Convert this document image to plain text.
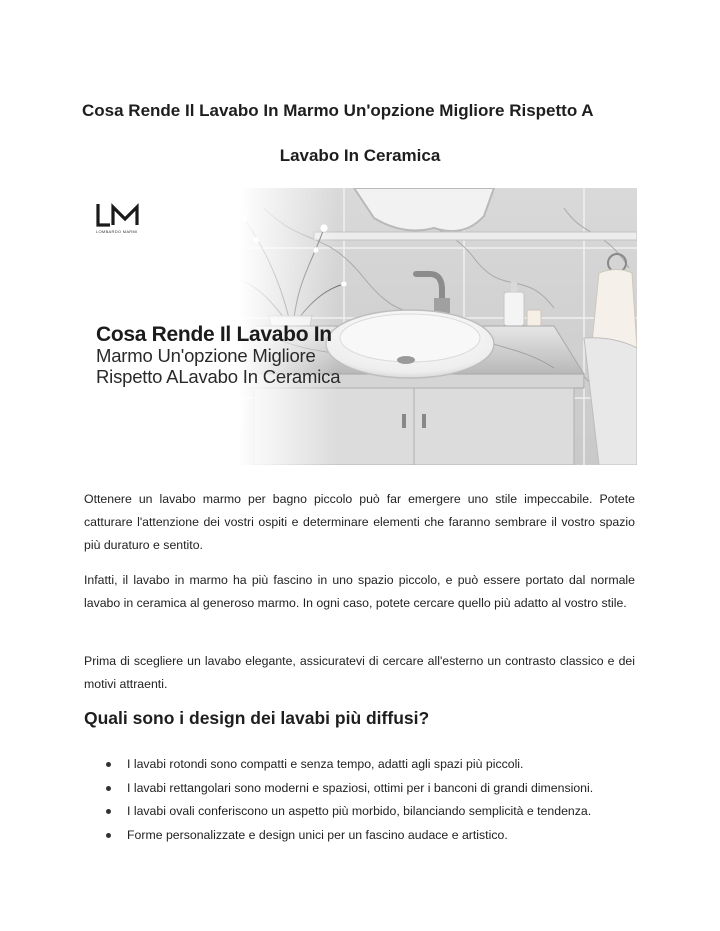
Cosa Rende Il Lavabo In Marmo Un'opzione Migliore Rispetto A
Lavabo In Ceramica
LM
LOMBARDO MARMI
Cosa Rende Il Lavabo In
Marmo Un'opzione Migliore
Rispetto ALavabo In Ceramica

Ottenere un lavabo marmo per bagno piccolo può far emergere uno stile impeccabile. Potete catturare l'attenzione dei vostri ospiti e determinare elementi che faranno sembrare il vostro spazio più duraturo e sentito.

Infatti, il lavabo in marmo ha più fascino in uno spazio piccolo, e può essere portato dal normale lavabo in ceramica al generoso marmo. In ogni caso, potete cercare quello più adatto al vostro stile.

Prima di scegliere un lavabo elegante, assicuratevi di cercare all'esterno un contrasto classico e dei motivi attraenti.

Quali sono i design dei lavabi più diffusi?
I lavabi rotondi sono compatti e senza tempo, adatti agli spazi più piccoli.
I lavabi rettangolari sono moderni e spaziosi, ottimi per i banconi di grandi dimensioni.
I lavabi ovali conferiscono un aspetto più morbido, bilanciando semplicità e tendenza.
Forme personalizzate e design unici per un fascino audace e artistico.
